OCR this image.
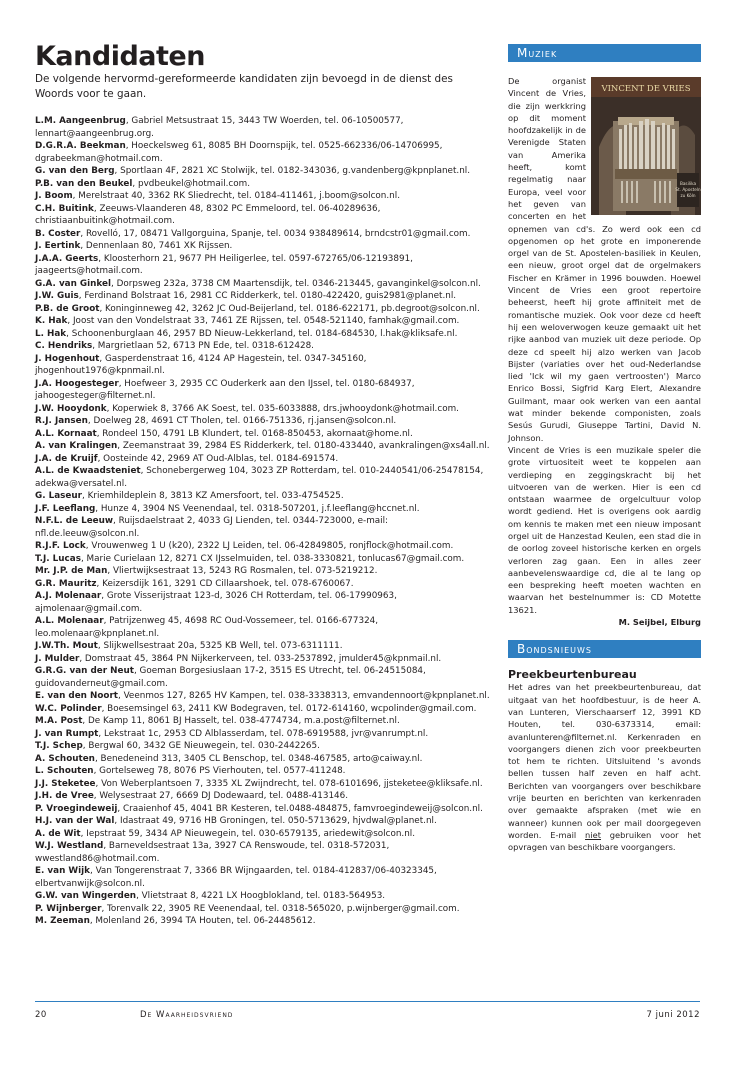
Kandidaten

De volgende hervormd-gereformeerde kandidaten zijn bevoegd in de dienst des Woords voor te gaan.

L.M. Aangeenbrug, Gabriel Metsustraat 15, 3443 TW Woerden, tel. 06-10500577, lennart@aangeenbrug.org.

D.G.R.A. Beekman, Hoeckelsweg 61, 8085 BH Doornspijk, tel. 0525-662336/06-14706995, dgrabeekman@hotmail.com.

G. van den Berg, Sportlaan 4F, 2821 XC Stolwijk, tel. 0182-343036, g.vandenberg@kpnplanet.nl.

P.B. van den Beukel, pvdbeukel@hotmail.com.

J. Boom, Merelstraat 40, 3362 RK Sliedrecht, tel. 0184-411461, j.boom@solcon.nl.

C.H. Buitink, Zeeuws-Vlaanderen 48, 8302 PC Emmeloord, tel. 06-40289636, christiaanbuitink@hotmail.com.

B. Coster, Rovelló, 17, 08471 Vallgorguina, Spanje, tel. 0034 938489614, brndcstr01@gmail.com.

J. Eertink, Dennenlaan 80, 7461 XK Rijssen.

J.A.A. Geerts, Kloosterhorn 21, 9677 PH Heiligerlee, tel. 0597-672765/06-12193891, jaageerts@hotmail.com.

G.A. van Ginkel, Dorpsweg 232a, 3738 CM Maartensdijk, tel. 0346-213445, gavanginkel@solcon.nl.

J.W. Guis, Ferdinand Bolstraat 16, 2981 CC Ridderkerk, tel. 0180-422420, guis2981@planet.nl.

P.B. de Groot, Koninginneweg 42, 3262 JC Oud-Beijerland, tel. 0186-622171, pb.degroot@solcon.nl.

K. Hak, Joost van den Vondelstraat 33, 7461 ZE Rijssen, tel. 0548-521140, famhak@gmail.com.

L. Hak, Schoonenburglaan 46, 2957 BD Nieuw-Lekkerland, tel. 0184-684530, l.hak@kliksafe.nl.

C. Hendriks, Margrietlaan 52, 6713 PN Ede, tel. 0318-612428.

J. Hogenhout, Gasperdenstraat 16, 4124 AP Hagestein, tel. 0347-345160, jhogenhout1976@kpnmail.nl.

J.A. Hoogesteger, Hoefweer 3, 2935 CC Ouderkerk aan den IJssel, tel. 0180-684937, jahoogesteger@filternet.nl.

J.W. Hooydonk, Koperwiek 8, 3766 AK Soest, tel. 035-6033888, drs.jwhooydonk@hotmail.com.

R.J. Jansen, Doelweg 28, 4691 CT Tholen, tel. 0166-751336, rj.jansen@solcon.nl.

A.L. Kornaat, Rondeel 150, 4791 LB Klundert, tel. 0168-850453, akornaat@home.nl.

A. van Kralingen, Zeemanstraat 39, 2984 ES Ridderkerk, tel. 0180-433440, avankralingen@xs4all.nl.

J.A. de Kruijf, Oosteinde 42, 2969 AT Oud-Alblas, tel. 0184-691574.

A.L. de Kwaadsteniet, Schonebergerweg 104, 3023 ZP Rotterdam, tel. 010-2440541/06-25478154, adekwa@versatel.nl.

G. Laseur, Kriemhildeplein 8, 3813 KZ Amersfoort, tel. 033-4754525.

J.F. Leeflang, Hunze 4, 3904 NS Veenendaal, tel. 0318-507201, j.f.leeflang@hccnet.nl.

N.F.L. de Leeuw, Ruijsdaelstraat 2, 4033 GJ Lienden, tel. 0344-723000, e-mail: nfl.de.leeuw@solcon.nl.

R.J.F. Lock, Vrouwenweg 1 U (k20), 2322 LJ Leiden, tel. 06-42849805, ronjflock@hotmail.com.

T.J. Lucas, Marie Curielaan 12, 8271 CX IJsselmuiden, tel. 038-3330821, tonlucas67@gmail.com.

Mr. J.P. de Man, Vliertwijksestraat 13, 5243 RG Rosmalen, tel. 073-5219212.

G.R. Mauritz, Keizersdijk 161, 3291 CD Cillaarshoek, tel. 078-6760067.

A.J. Molenaar, Grote Visserijstraat 123-d, 3026 CH Rotterdam, tel. 06-17990963, ajmolenaar@gmail.com.

A.L. Molenaar, Patrijzenweg 45, 4698 RC Oud-Vossemeer, tel. 0166-677324, leo.molenaar@kpnplanet.nl.

J.W.Th. Mout, Slijkwellsestraat 20a, 5325 KB Well, tel. 073-6311111.

J. Mulder, Domstraat 45, 3864 PN Nijkerkerveen, tel. 033-2537892, jmulder45@kpnmail.nl.

G.R.G. van der Neut, Goeman Borgesiuslaan 17-2, 3515 ES Utrecht, tel. 06-24515084, guidovanderneut@gmail.com.

E. van den Noort, Veenmos 127, 8265 HV Kampen, tel. 038-3338313, emvandennoort@kpnplanet.nl.

W.C. Polinder, Boesemsingel 63, 2411 KW Bodegraven, tel. 0172-614160, wcpolinder@gmail.com.

M.A. Post, De Kamp 11, 8061 BJ Hasselt, tel. 038-4774734, m.a.post@filternet.nl.

J. van Rumpt, Lekstraat 1c, 2953 CD Alblasserdam, tel. 078-6919588, jvr@vanrumpt.nl.

T.J. Schep, Bergwal 60, 3432 GE Nieuwegein, tel. 030-2442265.

A. Schouten, Benedeneind 313, 3405 CL Benschop, tel. 0348-467585, arto@caiway.nl.

L. Schouten, Gortelseweg 78, 8076 PS Vierhouten, tel. 0577-411248.

J.J. Steketee, Von Weberplantsoen 7, 3335 XL Zwijndrecht, tel. 078-6101696, jjsteketee@kliksafe.nl.

J.H. de Vree, Welysestraat 27, 6669 DJ Dodewaard, tel. 0488-413146.

P. Vroegindeweij, Craaienhof 45, 4041 BR Kesteren, tel.0488-484875, famvroegindeweij@solcon.nl.

H.J. van der Wal, Idastraat 49, 9716 HB Groningen, tel. 050-5713629, hjvdwal@planet.nl.

A. de Wit, Iepstraat 59, 3434 AP Nieuwegein, tel. 030-6579135, ariedewit@solcon.nl.

W.J. Westland, Barneveldsestraat 13a, 3927 CA Renswoude, tel. 0318-572031, wwestland86@hotmail.com.

E. van Wijk, Van Tongerenstraat 7, 3366 BR Wijngaarden, tel. 0184-412837/06-40323345, elbertvanwijk@solcon.nl.

G.W. van Wingerden, Vlietstraat 8, 4221 LX Hoogblokland, tel. 0183-564953.

P. Wijnberger, Torenvalk 22, 3905 RE Veenendaal, tel. 0318-565020, p.wijnberger@gmail.com.

M. Zeeman, Molenland 26, 3994 TA Houten, tel. 06-24485612.

Muziek
VINCENT DE VRIES
Basilika
St. Aposteln
zu Köln

De organist Vincent de Vries, die zijn werkkring op dit moment hoofdzakelijk in de Verenigde Staten van Amerika heeft, komt regelmatig naar Europa, veel voor het geven van concerten en het opnemen van cd's. Zo werd ook een cd opgenomen op het grote en imponerende orgel van de St. Apostelen-basiliek in Keulen, een nieuw, groot orgel dat de orgelmakers Fischer en Krämer in 1996 bouwden. Hoewel Vincent de Vries een groot repertoire beheerst, heeft hij grote affiniteit met de romantische muziek. Ook voor deze cd heeft hij een weloverwogen keuze gemaakt uit het rijke aanbod van muziek uit deze periode. Op deze cd speelt hij alzo werken van Jacob Bijster (variaties over het oud-Nederlandse lied 'Ick wil my gaen vertroosten') Marco Enrico Bossi, Sigfrid Karg Elert, Alexandre Guilmant, maar ook werken van een aantal wat minder bekende componisten, zoals Sesús Gurudi, Giuseppe Tartini, David N. Johnson.

Vincent de Vries is een muzikale speler die grote virtuositeit weet te koppelen aan verdieping en zeggingskracht bij het uitvoeren van de werken. Hier is een cd ontstaan waarmee de orgelcultuur volop wordt gediend. Het is overigens ook aardig om kennis te maken met een nieuw imposant orgel uit de Hanzestad Keulen, een stad die in de oorlog zoveel historische kerken en orgels verloren zag gaan. Een in alles zeer aanbevelenswaardige cd, die al te lang op een bespreking heeft moeten wachten en waarvan het bestelnummer is: CD Motette 13621.

M. Seijbel, Elburg
Bondsnieuws
Preekbeurtenbureau

Het adres van het preekbeurtenbureau, dat uitgaat van het hoofdbestuur, is de heer A. van Lunteren, Vierschaarserf 12, 3991 KD Houten, tel. 030-6373314, email: avanlunteren@filternet.nl. Kerkenraden en voorgangers dienen zich voor preekbeurten tot hem te richten. Uitsluitend 's avonds bellen tussen half zeven en half acht. Berichten van voorgangers over beschikbare vrije beurten en berichten van kerkenraden over gemaakte afspraken (met wie en wanneer) kunnen ook per mail doorgegeven worden. E-mail niet gebruiken voor het opvragen van beschikbare voorgangers.

20	De Waarheidsvriend	7 juni 2012
